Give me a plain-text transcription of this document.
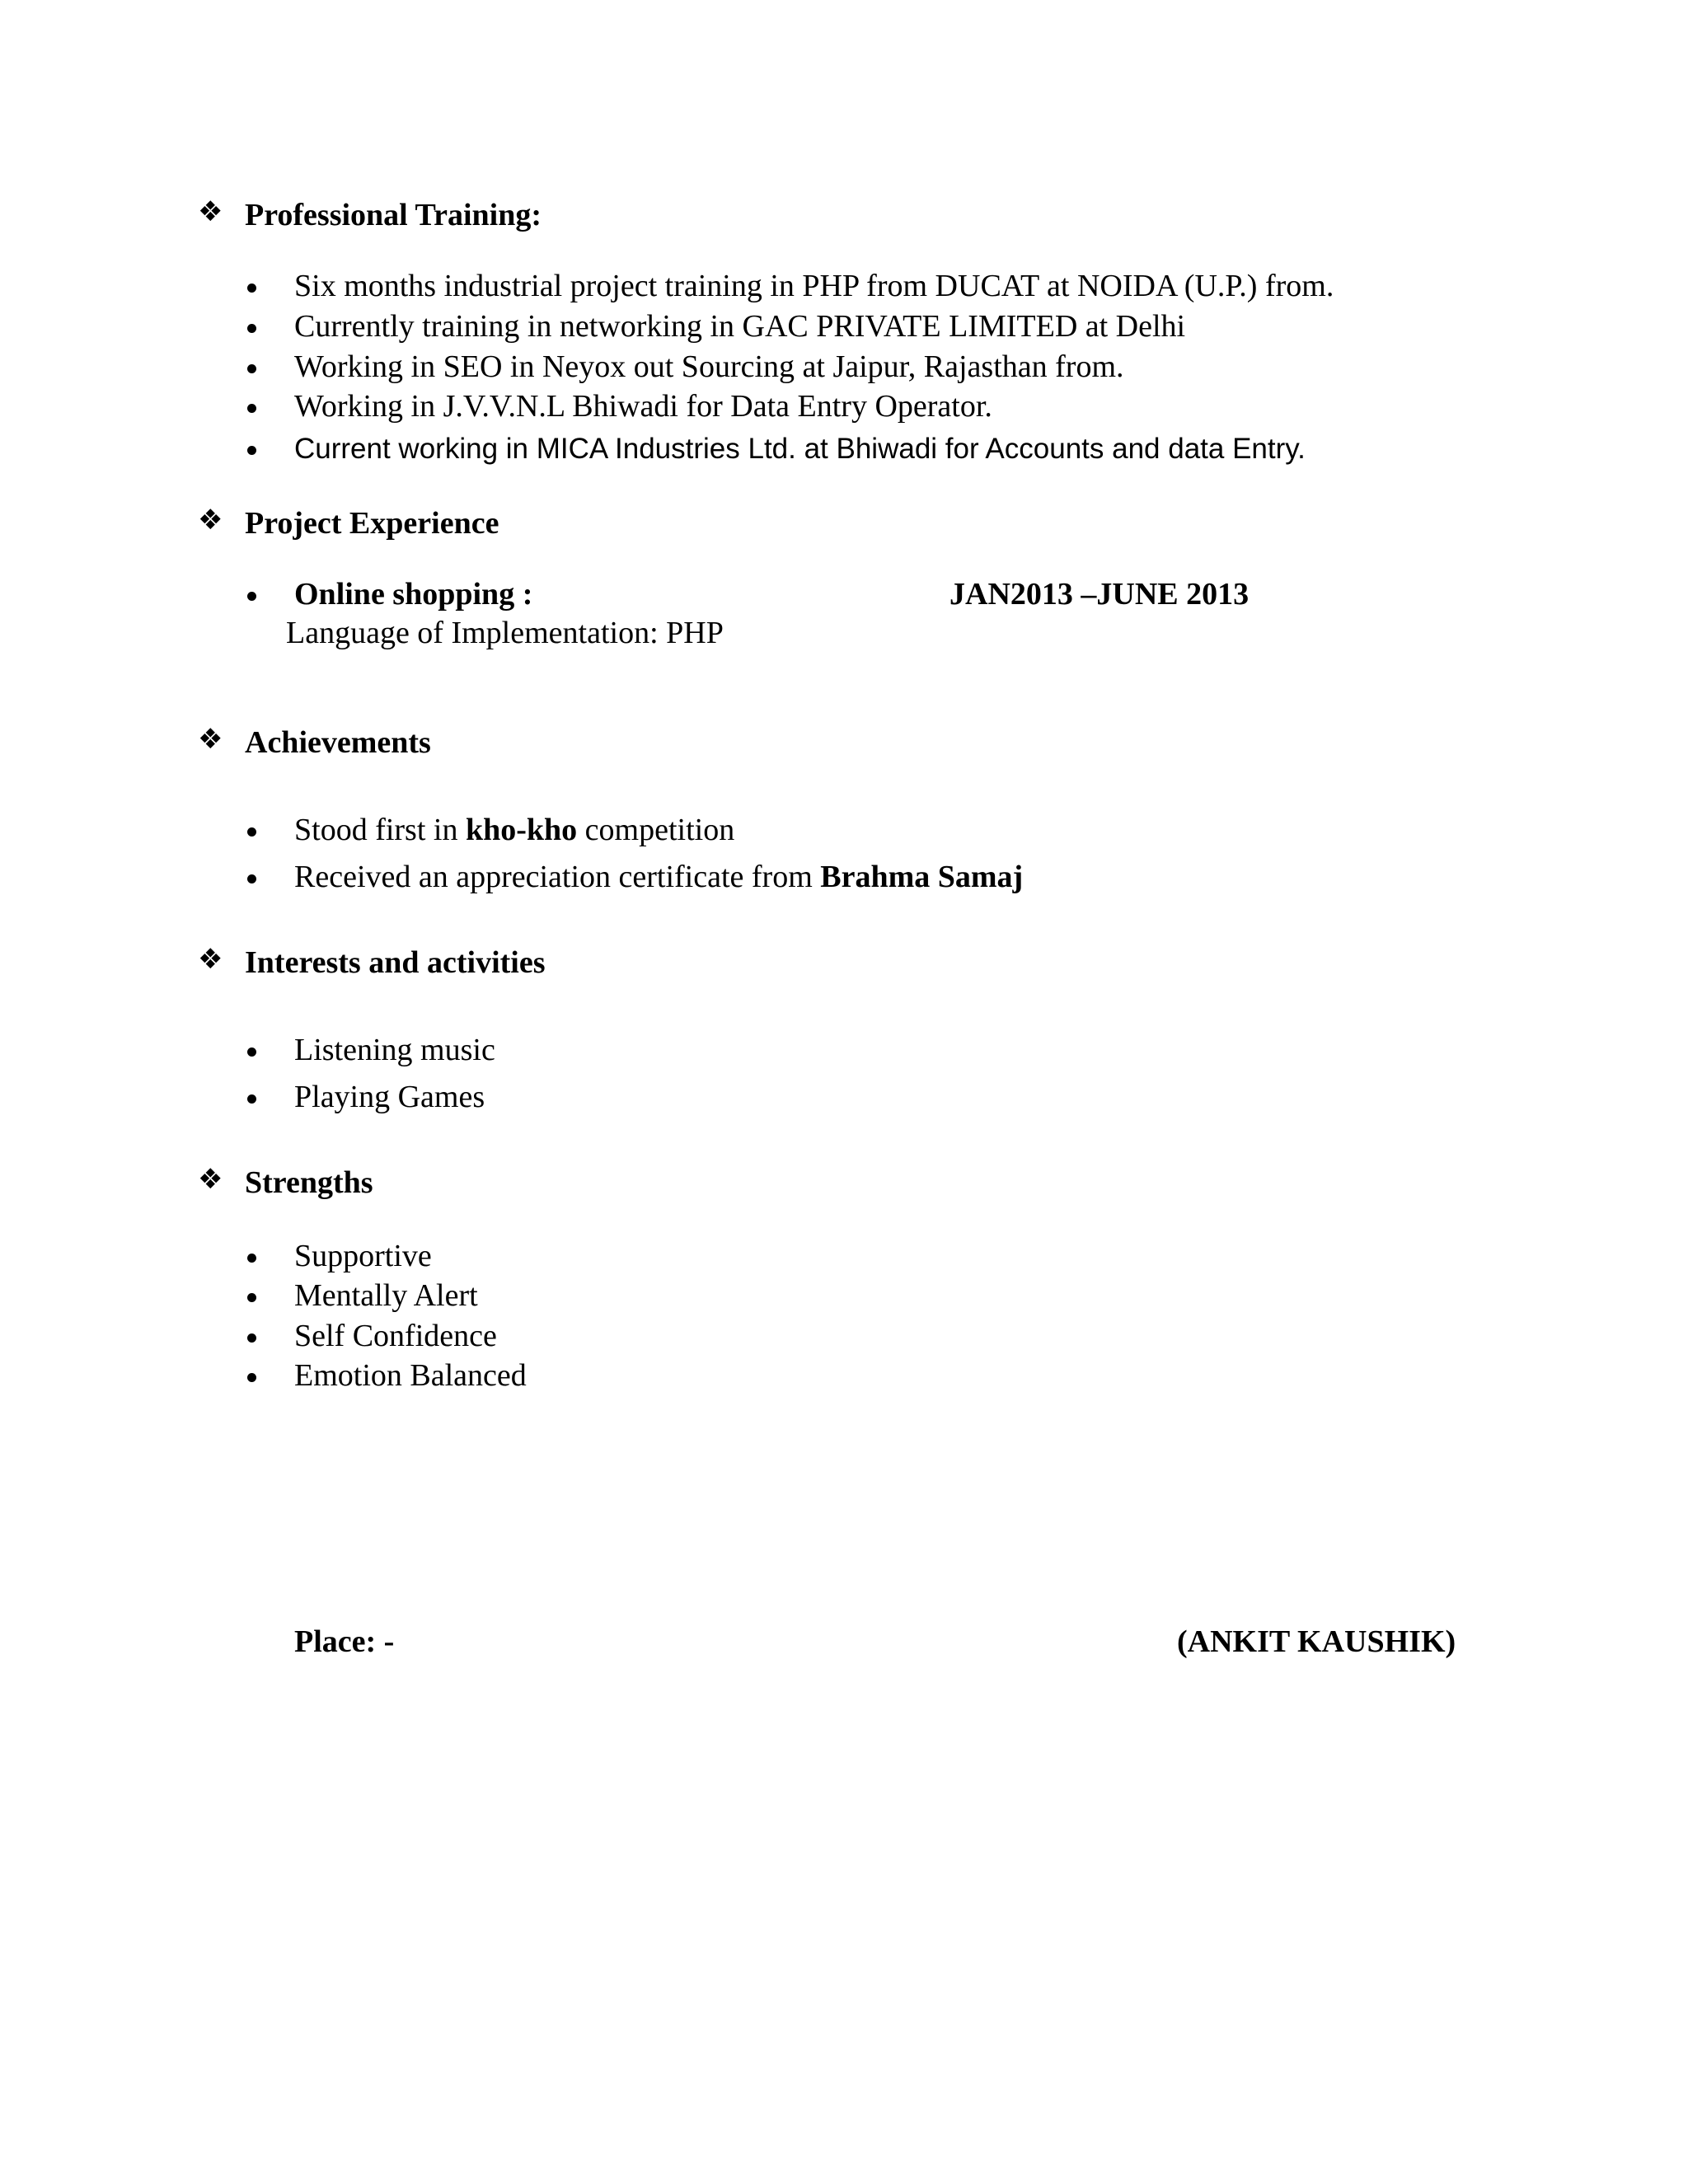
❖ Professional Training:
Six months industrial project training in PHP from DUCAT at NOIDA (U.P.) from.
Currently training in networking in GAC PRIVATE LIMITED at Delhi
Working in SEO in Neyox out Sourcing at Jaipur, Rajasthan from.
Working in J.V.V.N.L Bhiwadi for Data Entry Operator.
Current working in MICA Industries Ltd. at Bhiwadi for Accounts and data Entry.
❖ Project Experience
Online shopping :	JAN2013 –JUNE 2013
Language of Implementation: PHP
❖ Achievements
Stood first in kho-kho competition
Received an appreciation certificate from Brahma Samaj
❖ Interests and activities
Listening music
Playing Games
❖ Strengths
Supportive
Mentally Alert
Self Confidence
Emotion Balanced
Place: -	(ANKIT KAUSHIK)
